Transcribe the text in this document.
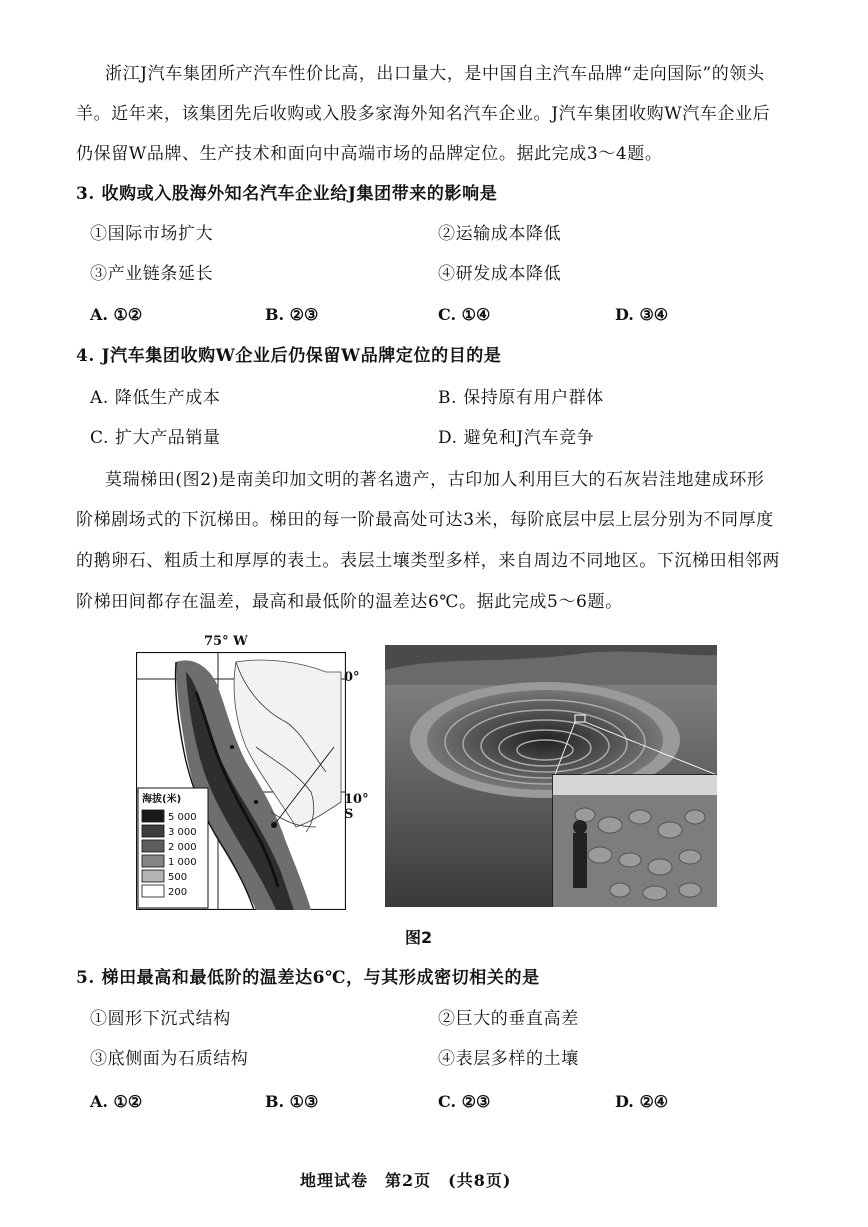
浙江J汽车集团所产汽车性价比高，出口量大，是中国自主汽车品牌“走向国际”的领头
羊。近年来，该集团先后收购或入股多家海外知名汽车企业。J汽车集团收购W汽车企业后
仍保留W品牌、生产技术和面向中高端市场的品牌定位。据此完成3～4题。
3. 收购或入股海外知名汽车企业给J集团带来的影响是
①国际市场扩大	②运输成本降低
③产业链条延长	④研发成本降低
A. ①②	B. ②③	C. ①④	D. ③④
4. J汽车集团收购W企业后仍保留W品牌定位的目的是
A. 降低生产成本	B. 保持原有用户群体
C. 扩大产品销量	D. 避免和J汽车竞争
莫瑞梯田(图2)是南美印加文明的著名遗产，古印加人利用巨大的石灰岩洼地建成环形
阶梯剧场式的下沉梯田。梯田的每一阶最高处可达3米，每阶底层中层上层分别为不同厚度
的鹅卵石、粗质土和厚厚的表土。表层土壤类型多样，来自周边不同地区。下沉梯田相邻两
阶梯田间都存在温差，最高和最低阶的温差达6℃。据此完成5～6题。
海拔(米)
5 000
3 000
2 000
1 000
500
200
75° W
0°
10° S
图2
5. 梯田最高和最低阶的温差达6℃，与其形成密切相关的是
①圆形下沉式结构	②巨大的垂直高差
③底侧面为石质结构	④表层多样的土壤
A. ①②	B. ①③	C. ②③	D. ②④
地理试卷　第2页　(共8页)
